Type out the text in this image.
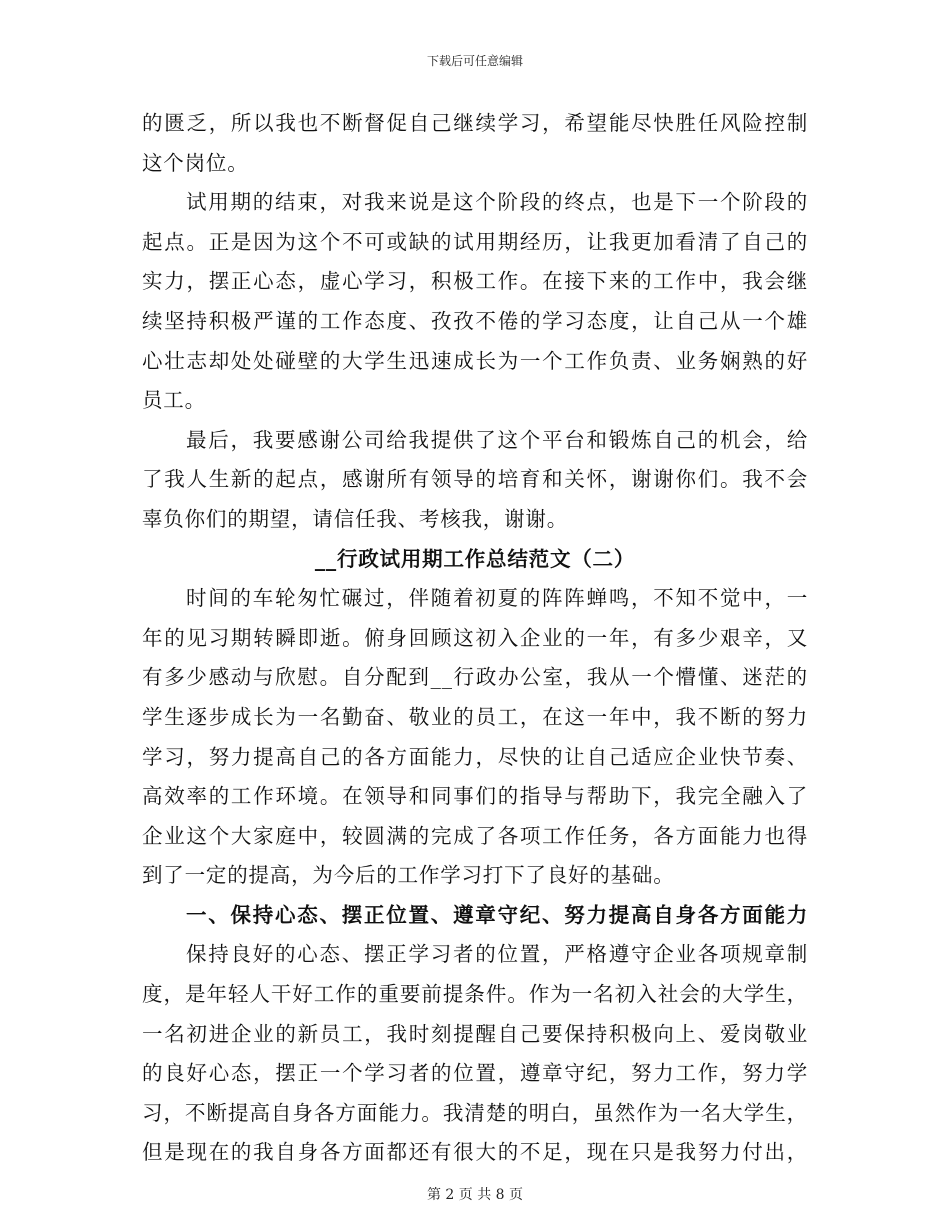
下载后可任意编辑
的匮乏，所以我也不断督促自己继续学习，希望能尽快胜任风险控制
这个岗位。
试用期的结束，对我来说是这个阶段的终点，也是下一个阶段的
起点。正是因为这个不可或缺的试用期经历，让我更加看清了自己的
实力，摆正心态，虚心学习，积极工作。在接下来的工作中，我会继
续坚持积极严谨的工作态度、孜孜不倦的学习态度，让自己从一个雄
心壮志却处处碰壁的大学生迅速成长为一个工作负责、业务娴熟的好
员工。
最后，我要感谢公司给我提供了这个平台和锻炼自己的机会，给
了我人生新的起点，感谢所有领导的培育和关怀，谢谢你们。我不会
辜负你们的期望，请信任我、考核我，谢谢。
__行政试用期工作总结范文（二）
时间的车轮匆忙碾过，伴随着初夏的阵阵蝉鸣，不知不觉中，一
年的见习期转瞬即逝。俯身回顾这初入企业的一年，有多少艰辛，又
有多少感动与欣慰。自分配到__行政办公室，我从一个懵懂、迷茫的
学生逐步成长为一名勤奋、敬业的员工，在这一年中，我不断的努力
学习，努力提高自己的各方面能力，尽快的让自己适应企业快节奏、
高效率的工作环境。在领导和同事们的指导与帮助下，我完全融入了
企业这个大家庭中，较圆满的完成了各项工作任务，各方面能力也得
到了一定的提高，为今后的工作学习打下了良好的基础。
一、保持心态、摆正位置、遵章守纪、努力提高自身各方面能力
保持良好的心态、摆正学习者的位置，严格遵守企业各项规章制
度，是年轻人干好工作的重要前提条件。作为一名初入社会的大学生，
一名初进企业的新员工，我时刻提醒自己要保持积极向上、爱岗敬业
的良好心态，摆正一个学习者的位置，遵章守纪，努力工作，努力学
习，不断提高自身各方面能力。我清楚的明白，虽然作为一名大学生，
但是现在的我自身各方面都还有很大的不足，现在只是我努力付出，
第 2 页 共 8 页
